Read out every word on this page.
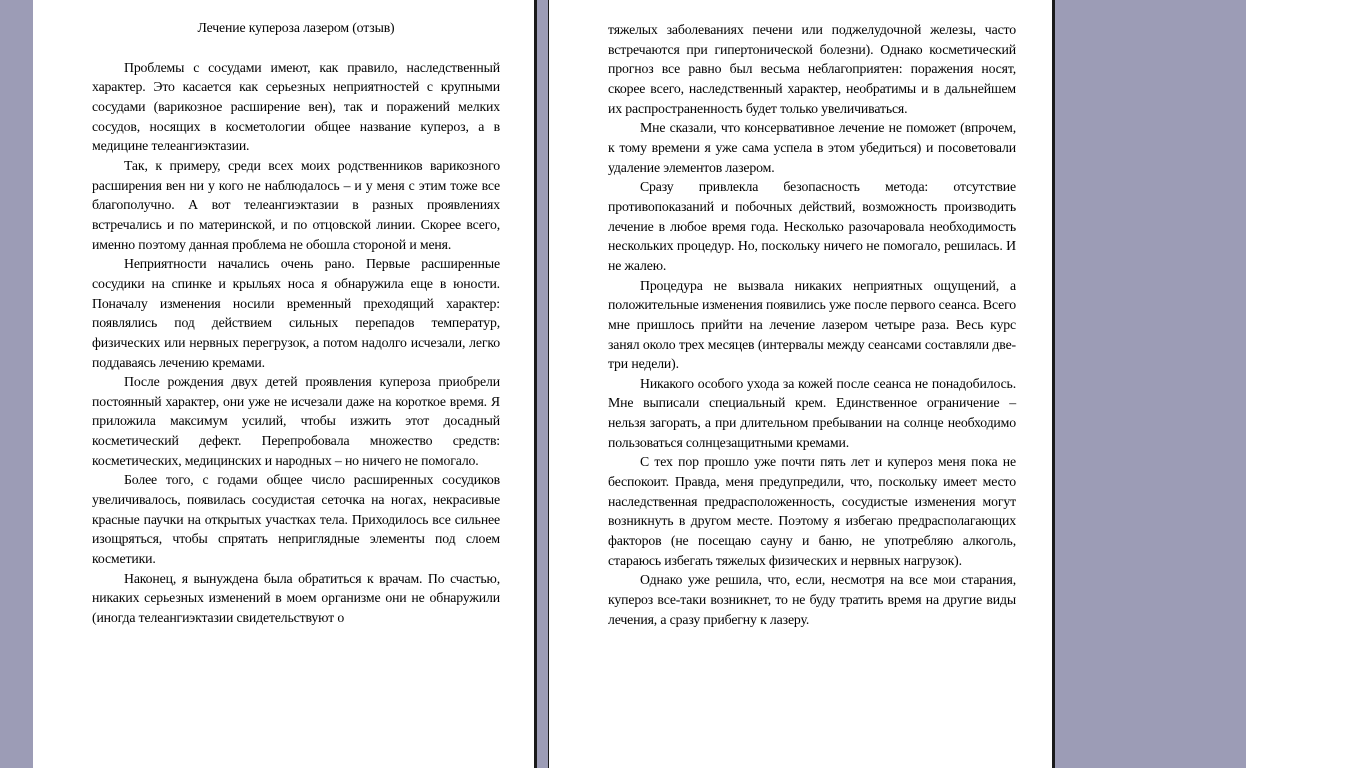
Лечение купероза лазером (отзыв)

Проблемы с сосудами имеют, как правило, наследственный характер. Это касается как серьезных неприятностей с крупными сосудами (варикозное расширение вен), так и поражений мелких сосудов, носящих в косметологии общее название купероз, а в медицине телеангиэктазии.

Так, к примеру, среди всех моих родственников варикозного расширения вен ни у кого не наблюдалось – и у меня с этим тоже все благополучно. А вот телеангиэктазии в разных проявлениях встречались и по материнской, и по отцовской линии. Скорее всего, именно поэтому данная проблема не обошла стороной и меня.

Неприятности начались очень рано. Первые расширенные сосудики на спинке и крыльях носа я обнаружила еще в юности. Поначалу изменения носили временный преходящий характер: появлялись под действием сильных перепадов температур, физических или нервных перегрузок, а потом надолго исчезали, легко поддаваясь лечению кремами.

После рождения двух детей проявления купероза приобрели постоянный характер, они уже не исчезали даже на короткое время. Я приложила максимум усилий, чтобы изжить этот досадный косметический дефект. Перепробовала множество средств: косметических, медицинских и народных – но ничего не помогало.

Более того, с годами общее число расширенных сосудиков увеличивалось, появилась сосудистая сеточка на ногах, некрасивые красные паучки на открытых участках тела. Приходилось все сильнее изощряться, чтобы спрятать неприглядные элементы под слоем косметики.

Наконец, я вынуждена была обратиться к врачам. По счастью, никаких серьезных изменений в моем организме они не обнаружили (иногда телеангиэктазии свидетельствуют о

тяжелых заболеваниях печени или поджелудочной железы, часто встречаются при гипертонической болезни). Однако косметический прогноз все равно был весьма неблагоприятен: поражения носят, скорее всего, наследственный характер, необратимы и в дальнейшем их распространенность будет только увеличиваться.

Мне сказали, что консервативное лечение не поможет (впрочем, к тому времени я уже сама успела в этом убедиться) и посоветовали удаление элементов лазером.

Сразу привлекла безопасность метода: отсутствие противопоказаний и побочных действий, возможность производить лечение в любое время года. Несколько разочаровала необходимость нескольких процедур. Но, поскольку ничего не помогало, решилась. И не жалею.

Процедура не вызвала никаких неприятных ощущений, а положительные изменения появились уже после первого сеанса. Всего мне пришлось прийти на лечение лазером четыре раза. Весь курс занял около трех месяцев (интервалы между сеансами составляли две-три недели).

Никакого особого ухода за кожей после сеанса не понадобилось. Мне выписали специальный крем. Единственное ограничение – нельзя загорать, а при длительном пребывании на солнце необходимо пользоваться солнцезащитными кремами.

С тех пор прошло уже почти пять лет и купероз меня пока не беспокоит. Правда, меня предупредили, что, поскольку имеет место наследственная предрасположенность, сосудистые изменения могут возникнуть в другом месте. Поэтому я избегаю предрасполагающих факторов (не посещаю сауну и баню, не употребляю алкоголь, стараюсь избегать тяжелых физических и нервных нагрузок).

Однако уже решила, что, если, несмотря на все мои старания, купероз все-таки возникнет, то не буду тратить время на другие виды лечения, а сразу прибегну к лазеру.
